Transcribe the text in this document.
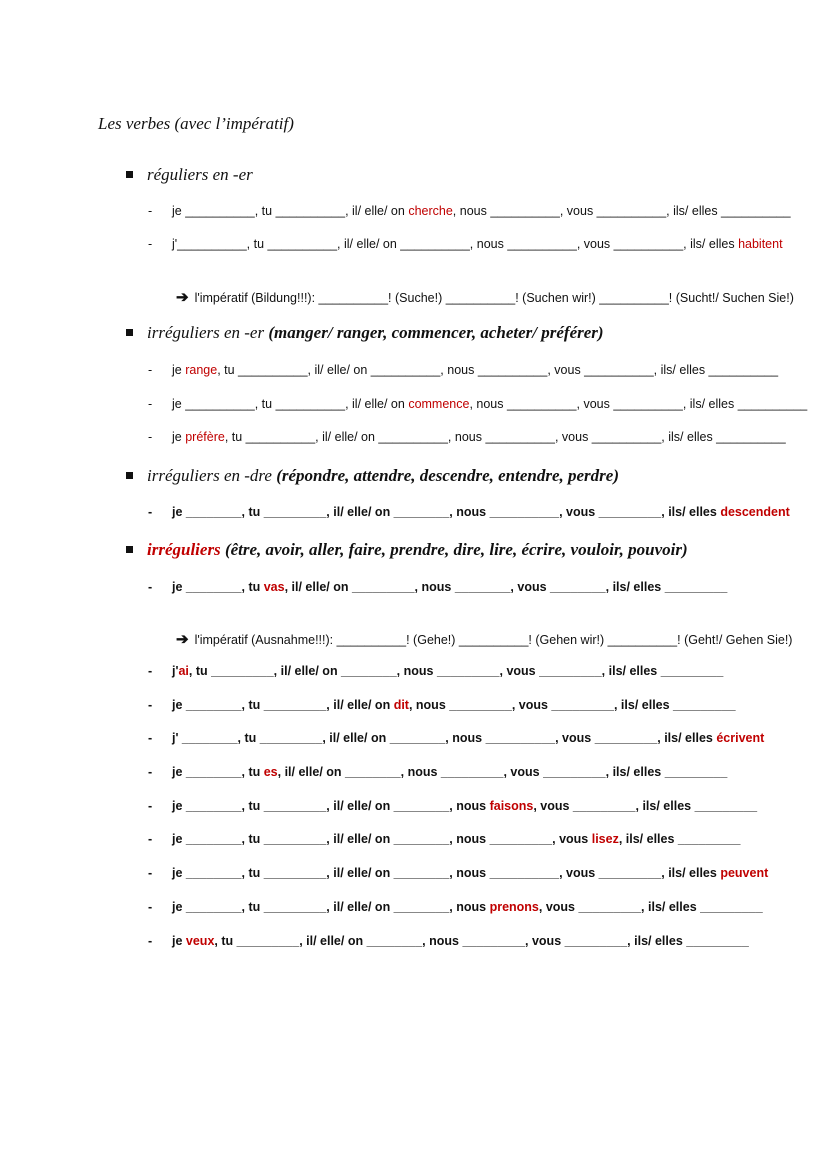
Les verbes (avec l’impératif)
réguliers en -er
- je __________, tu __________, il/ elle/ on cherche, nous __________, vous __________, ils/ elles __________
- j'__________, tu __________, il/ elle/ on __________, nous __________, vous __________, ils/ elles habitent
➔ l'impératif (Bildung!!!): __________! (Suche!) __________! (Suchen wir!) __________! (Sucht!/ Suchen Sie!)
irréguliers en -er (manger/ ranger, commencer, acheter/ préférer)
- je range, tu __________, il/ elle/ on __________, nous __________, vous __________, ils/ elles __________
- je __________, tu __________, il/ elle/ on commence, nous __________, vous __________, ils/ elles __________
- je préfère, tu __________, il/ elle/ on __________, nous __________, vous __________, ils/ elles __________
irréguliers en -dre (répondre, attendre, descendre, entendre, perdre)
- je ________, tu _________, il/ elle/ on ________, nous __________, vous _________, ils/ elles descendent
irréguliers (être, avoir, aller, faire, prendre, dire, lire, écrire, vouloir, pouvoir)
- je ________, tu vas, il/ elle/ on _________, nous ________, vous ________, ils/ elles _________
➔ l'impératif (Ausnahme!!!): __________! (Gehe!) __________! (Gehen wir!) __________! (Geht!/ Gehen Sie!)
- j'ai, tu _________, il/ elle/ on ________, nous _________, vous _________, ils/ elles _________
- je ________, tu _________, il/ elle/ on dit, nous _________, vous _________, ils/ elles _________
- j' ________, tu _________, il/ elle/ on ________, nous __________, vous _________, ils/ elles écrivent
- je ________, tu es, il/ elle/ on ________, nous _________, vous _________, ils/ elles _________
- je ________, tu _________, il/ elle/ on ________, nous faisons, vous _________, ils/ elles _________
- je ________, tu _________, il/ elle/ on ________, nous _________, vous lisez, ils/ elles _________
- je ________, tu _________, il/ elle/ on ________, nous __________, vous _________, ils/ elles peuvent
- je ________, tu _________, il/ elle/ on ________, nous prenons, vous _________, ils/ elles _________
- je veux, tu _________, il/ elle/ on ________, nous _________, vous _________, ils/ elles _________
